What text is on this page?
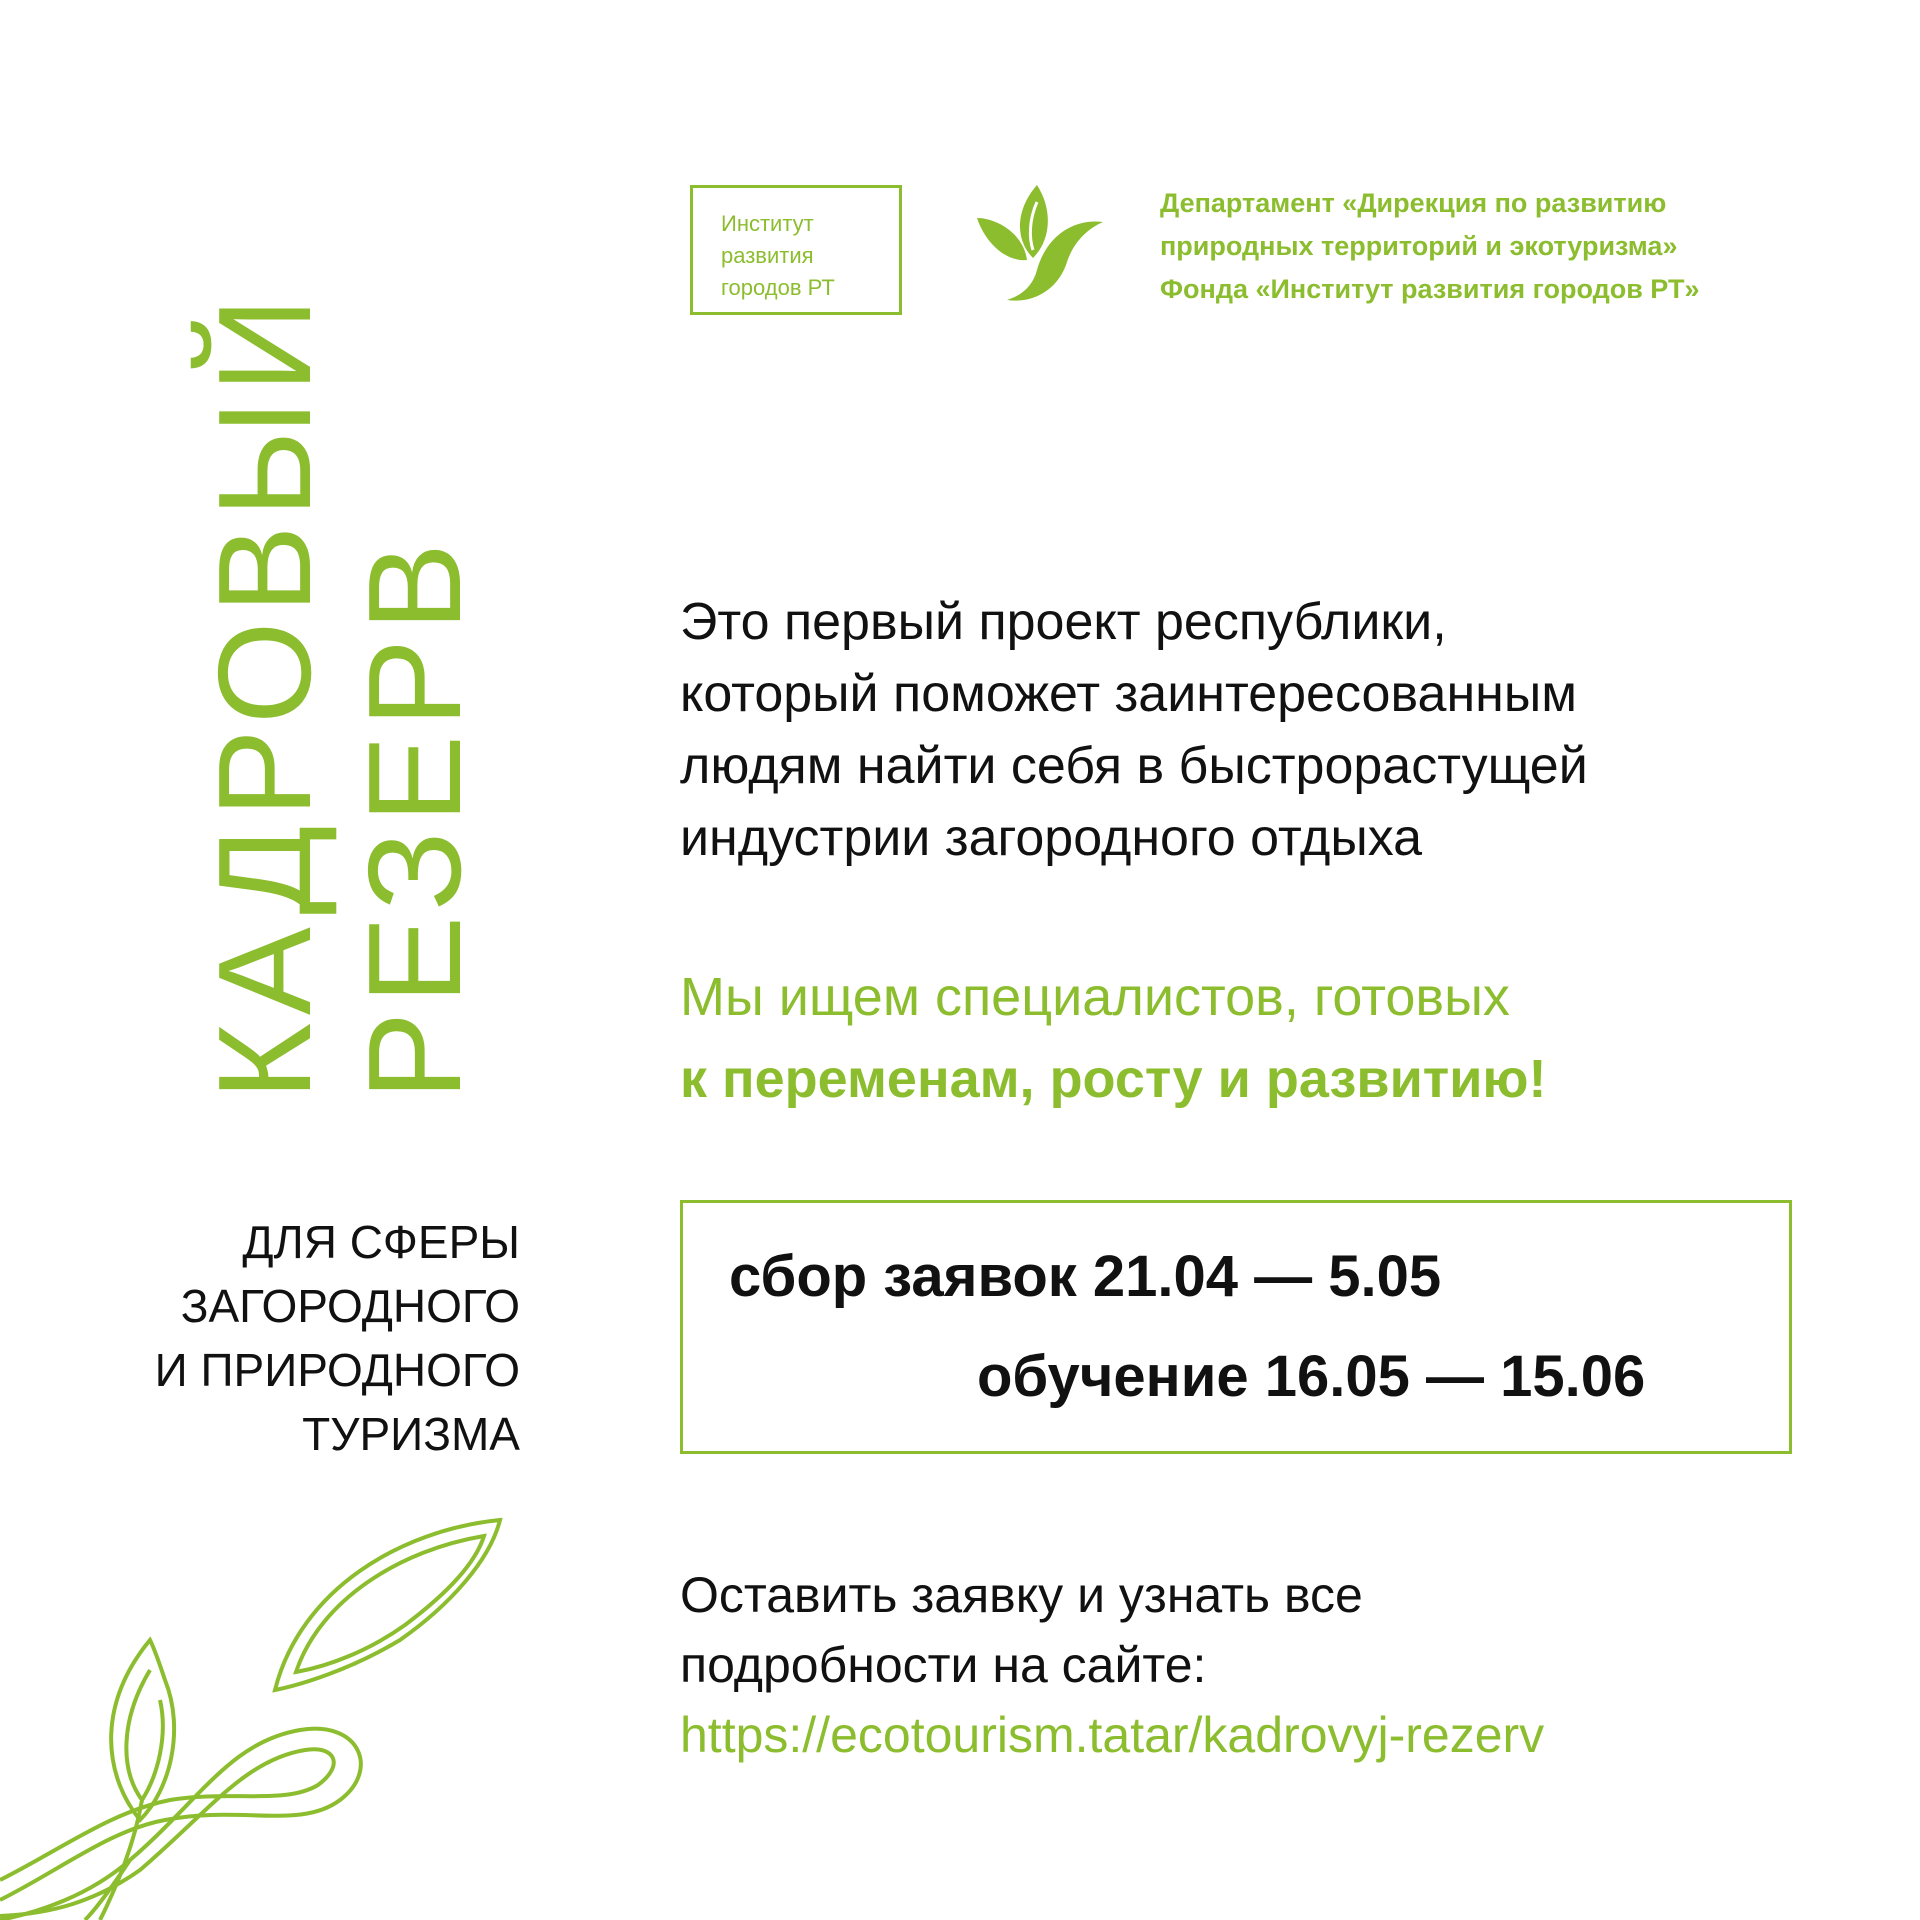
КАДРОВЫЙ РЕЗЕРВ
ДЛЯ СФЕРЫ
ЗАГОРОДНОГО
И ПРИРОДНОГО
ТУРИЗМА
Институт
развития
городов РТ
Департамент «Дирекция по развитию
природных территорий и экотуризма»
Фонда «Институт развития городов РТ»
Это первый проект республики,
который поможет заинтересованным
людям найти себя в быстрорастущей
индустрии загородного отдыха
Мы ищем специалистов, готовых
к переменам, росту и развитию!
сбор заявок 21.04 — 5.05
обучение 16.05 — 15.06
Оставить заявку и узнать все
подробности на сайте:
https://ecotourism.tatar/kadrovyj-rezerv
